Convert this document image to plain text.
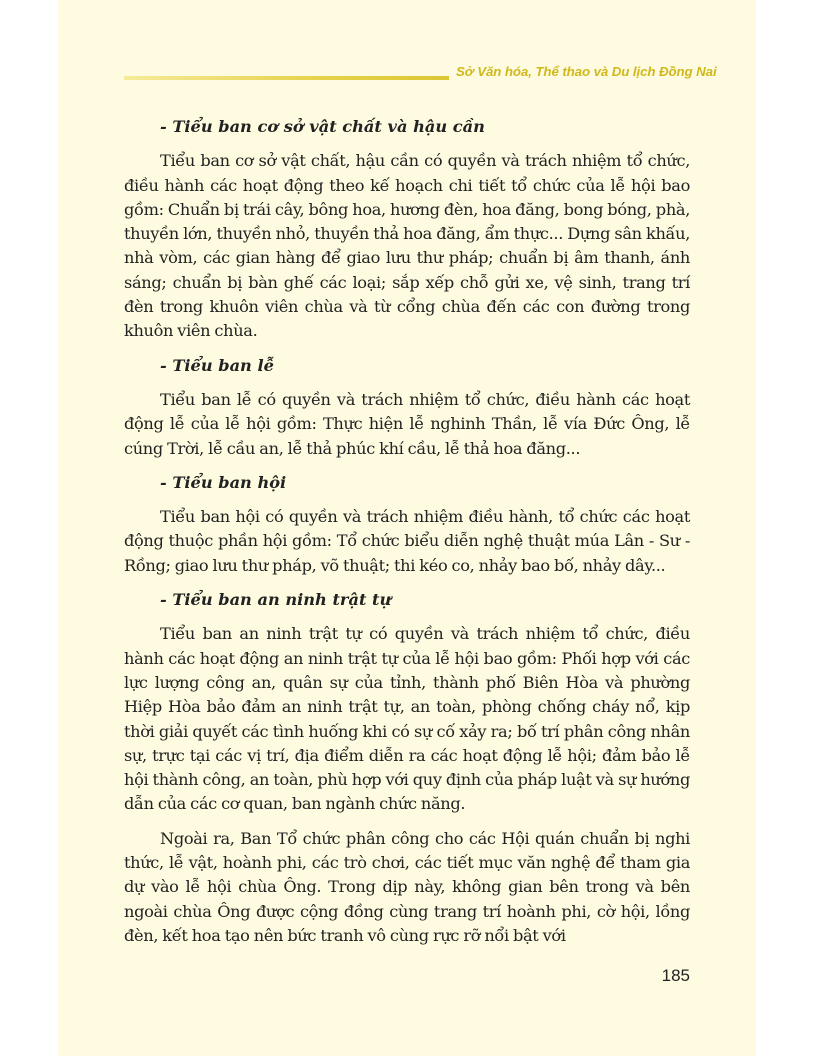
Sở Văn hóa, Thể thao và Du lịch Đồng Nai

- Tiểu ban cơ sở vật chất và hậu cần

Tiểu ban cơ sở vật chất, hậu cần có quyền và trách nhiệm tổ chức, điều hành các hoạt động theo kế hoạch chi tiết tổ chức của lễ hội bao gồm: Chuẩn bị trái cây, bông hoa, hương đèn, hoa đăng, bong bóng, phà, thuyền lớn, thuyền nhỏ, thuyền thả hoa đăng, ẩm thực... Dựng sân khấu, nhà vòm, các gian hàng để giao lưu thư pháp; chuẩn bị âm thanh, ánh sáng; chuẩn bị bàn ghế các loại; sắp xếp chỗ gửi xe, vệ sinh, trang trí đèn trong khuôn viên chùa và từ cổng chùa đến các con đường trong khuôn viên chùa.

- Tiểu ban lễ

Tiểu ban lễ có quyền và trách nhiệm tổ chức, điều hành các hoạt động lễ của lễ hội gồm: Thực hiện lễ nghinh Thần, lễ vía Đức Ông, lễ cúng Trời, lễ cầu an, lễ thả phúc khí cầu, lễ thả hoa đăng...

- Tiểu ban hội

Tiểu ban hội có quyền và trách nhiệm điều hành, tổ chức các hoạt động thuộc phần hội gồm: Tổ chức biểu diễn nghệ thuật múa Lân - Sư - Rồng; giao lưu thư pháp, võ thuật; thi kéo co, nhảy bao bố, nhảy dây...

- Tiểu ban an ninh trật tự

Tiểu ban an ninh trật tự có quyền và trách nhiệm tổ chức, điều hành các hoạt động an ninh trật tự của lễ hội bao gồm: Phối hợp với các lực lượng công an, quân sự của tỉnh, thành phố Biên Hòa và phường Hiệp Hòa bảo đảm an ninh trật tự, an toàn, phòng chống cháy nổ, kịp thời giải quyết các tình huống khi có sự cố xảy ra; bố trí phân công nhân sự, trực tại các vị trí, địa điểm diễn ra các hoạt động lễ hội; đảm bảo lễ hội thành công, an toàn, phù hợp với quy định của pháp luật và sự hướng dẫn của các cơ quan, ban ngành chức năng.

Ngoài ra, Ban Tổ chức phân công cho các Hội quán chuẩn bị nghi thức, lễ vật, hoành phi, các trò chơi, các tiết mục văn nghệ để tham gia dự vào lễ hội chùa Ông. Trong dịp này, không gian bên trong và bên ngoài chùa Ông được cộng đồng cùng trang trí hoành phi, cờ hội, lồng đèn, kết hoa tạo nên bức tranh vô cùng rực rỡ nổi bật với

185
